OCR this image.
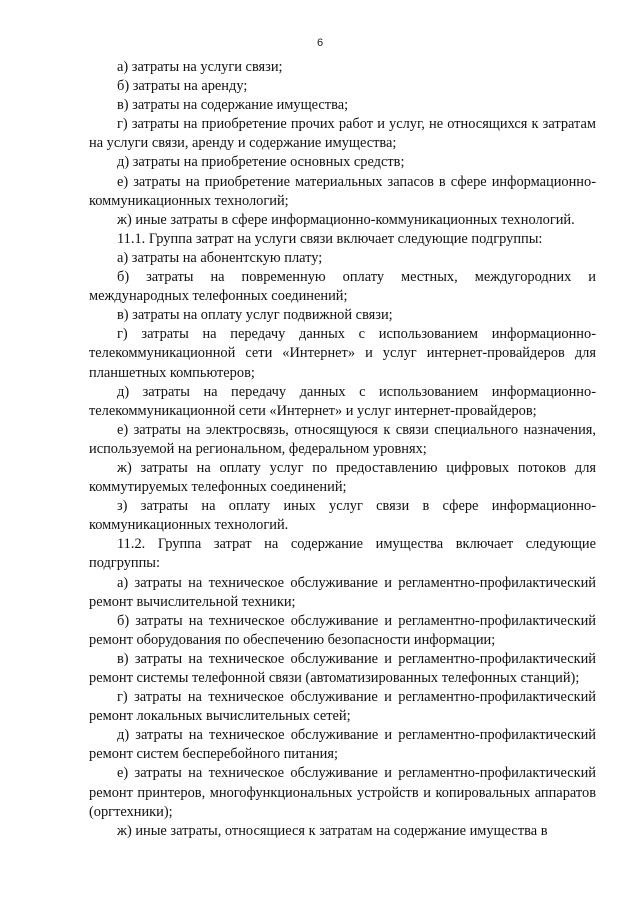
6

а) затраты на услуги связи;

б) затраты на аренду;

в) затраты на содержание имущества;

г) затраты на приобретение прочих работ и услуг, не относящихся к затратам на услуги связи, аренду и содержание имущества;

д) затраты на приобретение основных средств;

е) затраты на приобретение материальных запасов в сфере информационно-коммуникационных технологий;

ж) иные затраты в сфере информационно-коммуникационных технологий.

11.1. Группа затрат на услуги связи включает следующие подгруппы:

а) затраты на абонентскую плату;

б) затраты на повременную оплату местных, междугородних и международных телефонных соединений;

в) затраты на оплату услуг подвижной связи;

г) затраты на передачу данных с использованием информационно-телекоммуникационной сети «Интернет» и услуг интернет-провайдеров для планшетных компьютеров;

д) затраты на передачу данных с использованием информационно-телекоммуникационной сети «Интернет» и услуг интернет-провайдеров;

е) затраты на электросвязь, относящуюся к связи специального назначения, используемой на региональном, федеральном уровнях;

ж) затраты на оплату услуг по предоставлению цифровых потоков для коммутируемых телефонных соединений;

з) затраты на оплату иных услуг связи в сфере информационно-коммуникационных технологий.

11.2. Группа затрат на содержание имущества включает следующие подгруппы:

а) затраты на техническое обслуживание и регламентно-профилактический ремонт вычислительной техники;

б) затраты на техническое обслуживание и регламентно-профилактический ремонт оборудования по обеспечению безопасности информации;

в) затраты на техническое обслуживание и регламентно-профилактический ремонт системы телефонной связи (автоматизированных телефонных станций);

г) затраты на техническое обслуживание и регламентно-профилактический ремонт локальных вычислительных сетей;

д) затраты на техническое обслуживание и регламентно-профилактический ремонт систем бесперебойного питания;

е) затраты на техническое обслуживание и регламентно-профилактический ремонт принтеров, многофункциональных устройств и копировальных аппаратов (оргтехники);

ж) иные затраты, относящиеся к затратам на содержание имущества в
